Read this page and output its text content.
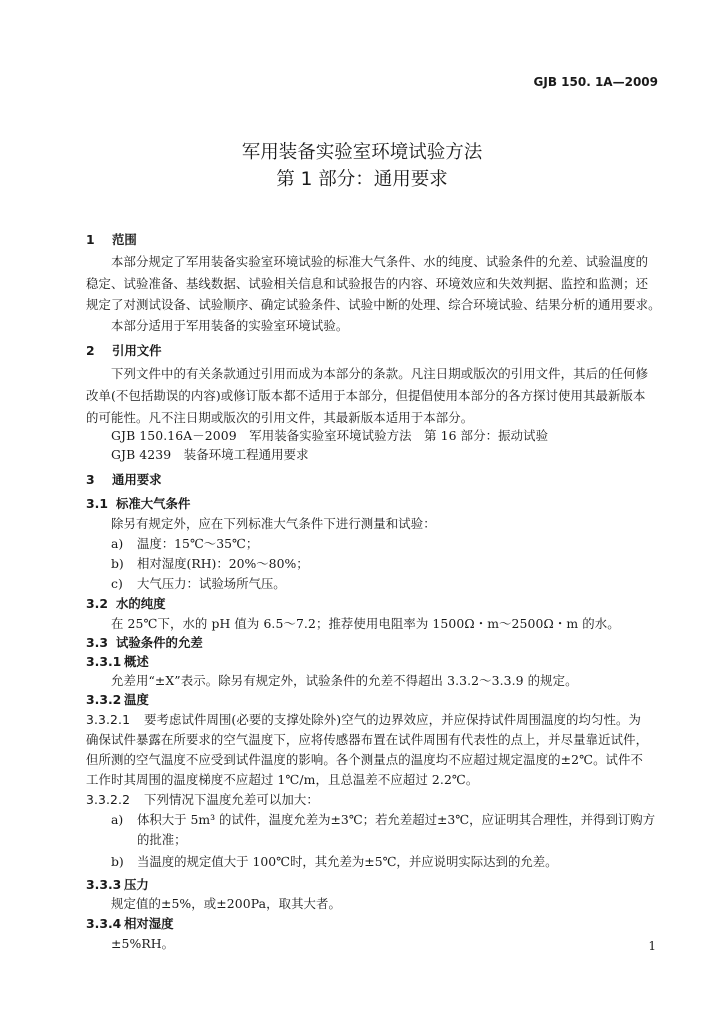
GJB 150. 1A—2009
军用装备实验室环境试验方法
第 1 部分：通用要求
1 范围
本部分规定了军用装备实验室环境试验的标准大气条件、水的纯度、试验条件的允差、试验温度的
稳定、试验准备、基线数据、试验相关信息和试验报告的内容、环境效应和失效判据、监控和监测；还
规定了对测试设备、试验顺序、确定试验条件、试验中断的处理、综合环境试验、结果分析的通用要求。
本部分适用于军用装备的实验室环境试验。
2 引用文件
下列文件中的有关条款通过引用而成为本部分的条款。凡注日期或版次的引用文件，其后的任何修
改单(不包括勘误的内容)或修订版本都不适用于本部分，但提倡使用本部分的各方探讨使用其最新版本
的可能性。凡不注日期或版次的引用文件，其最新版本适用于本部分。
GJB 150.16A－2009　军用装备实验室环境试验方法　第 16 部分：振动试验
GJB 4239　装备环境工程通用要求
3 通用要求
3.1 标准大气条件
除另有规定外，应在下列标准大气条件下进行测量和试验：
a) 温度：15℃～35℃；
b) 相对湿度(RH)：20%～80%；
c) 大气压力：试验场所气压。
3.2 水的纯度
在 25℃下，水的 pH 值为 6.5～7.2；推荐使用电阻率为 1500Ω・m～2500Ω・m 的水。
3.3 试验条件的允差
3.3.1 概述
允差用“±X”表示。除另有规定外，试验条件的允差不得超出 3.3.2～3.3.9 的规定。
3.3.2 温度
3.3.2.1 要考虑试件周围(必要的支撑处除外)空气的边界效应，并应保持试件周围温度的均匀性。为
确保试件暴露在所要求的空气温度下，应将传感器布置在试件周围有代表性的点上，并尽量靠近试件，
但所测的空气温度不应受到试件温度的影响。各个测量点的温度均不应超过规定温度的±2℃。试件不
工作时其周围的温度梯度不应超过 1℃/m，且总温差不应超过 2.2℃。
3.3.2.2 下列情况下温度允差可以加大：
a) 体积大于 5m³ 的试件，温度允差为±3℃；若允差超过±3℃，应证明其合理性，并得到订购方
的批准；
b) 当温度的规定值大于 100℃时，其允差为±5℃，并应说明实际达到的允差。
3.3.3 压力
规定值的±5%，或±200Pa，取其大者。
3.3.4 相对湿度
±5%RH。	1
